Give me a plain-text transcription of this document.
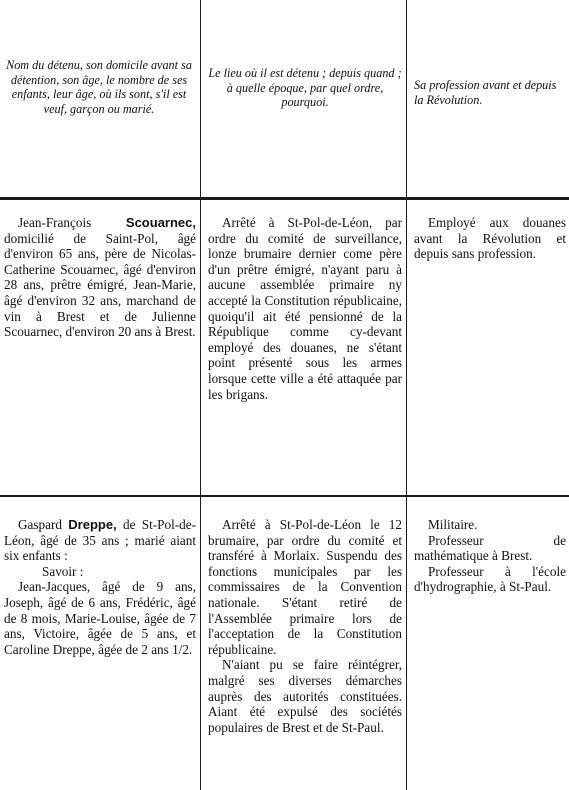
Nom du détenu, son domicile avant sa détention, son âge, le nombre de ses enfants, leur âge, où ils sont, s'il est veuf, garçon ou marié.
Le lieu où il est détenu ; depuis quand ; à quelle époque, par quel ordre, pourquoi.
Sa profession avant et depuis la Révolution.
Jean-François	Scouarnec, domicilié de Saint-Pol, âgé d'environ 65 ans, père de Nicolas-Catherine Scouarnec, âgé d'environ 28 ans, prêtre émigré, Jean-Marie, âgé d'environ 32 ans, marchand de vin à Brest et de Julienne Scouarnec, d'environ 20 ans à Brest.

Arrêté à St-Pol-de-Léon, par ordre du comité de surveillance, lonze brumaire dernier come père d'un prêtre émigré, n'ayant paru à aucune assemblée primaire ny accepté la Constitution républicaine, quoiqu'il ait été pensionné de la République comme cy-devant employé des douanes, ne s'étant point présenté sous les armes lorsque cette ville a été attaquée par les brigans.

Employé aux douanes avant la Révolution et depuis sans profession.

Gaspard Dreppe, de St-Pol-de-Léon, âgé de 35 ans ; marié aiant six enfants :

Savoir :

Jean-Jacques, âgé de 9 ans, Joseph, âgé de 6 ans, Frédéric, âgé de 8 mois, Marie-Louise, âgée de 7 ans, Victoire, âgée de 5 ans, et Caroline Dreppe, âgée de 2 ans 1/2.

Arrêté à St-Pol-de-Léon le 12 brumaire, par ordre du comité et transféré à Morlaix. Suspendu des fonctions municipales par les commissaires de la Convention nationale. S'étant retiré de l'Assemblée primaire lors de l'acceptation de la Constitution républicaine.

N'aiant pu se faire réintégrer, malgré ses diverses démarches auprès des autorités constituées. Aiant été expulsé des sociétés populaires de Brest et de St-Paul.

Militaire.

Professeur de mathématique à Brest.

Professeur à l'école d'hydrographie, à St-Paul.
